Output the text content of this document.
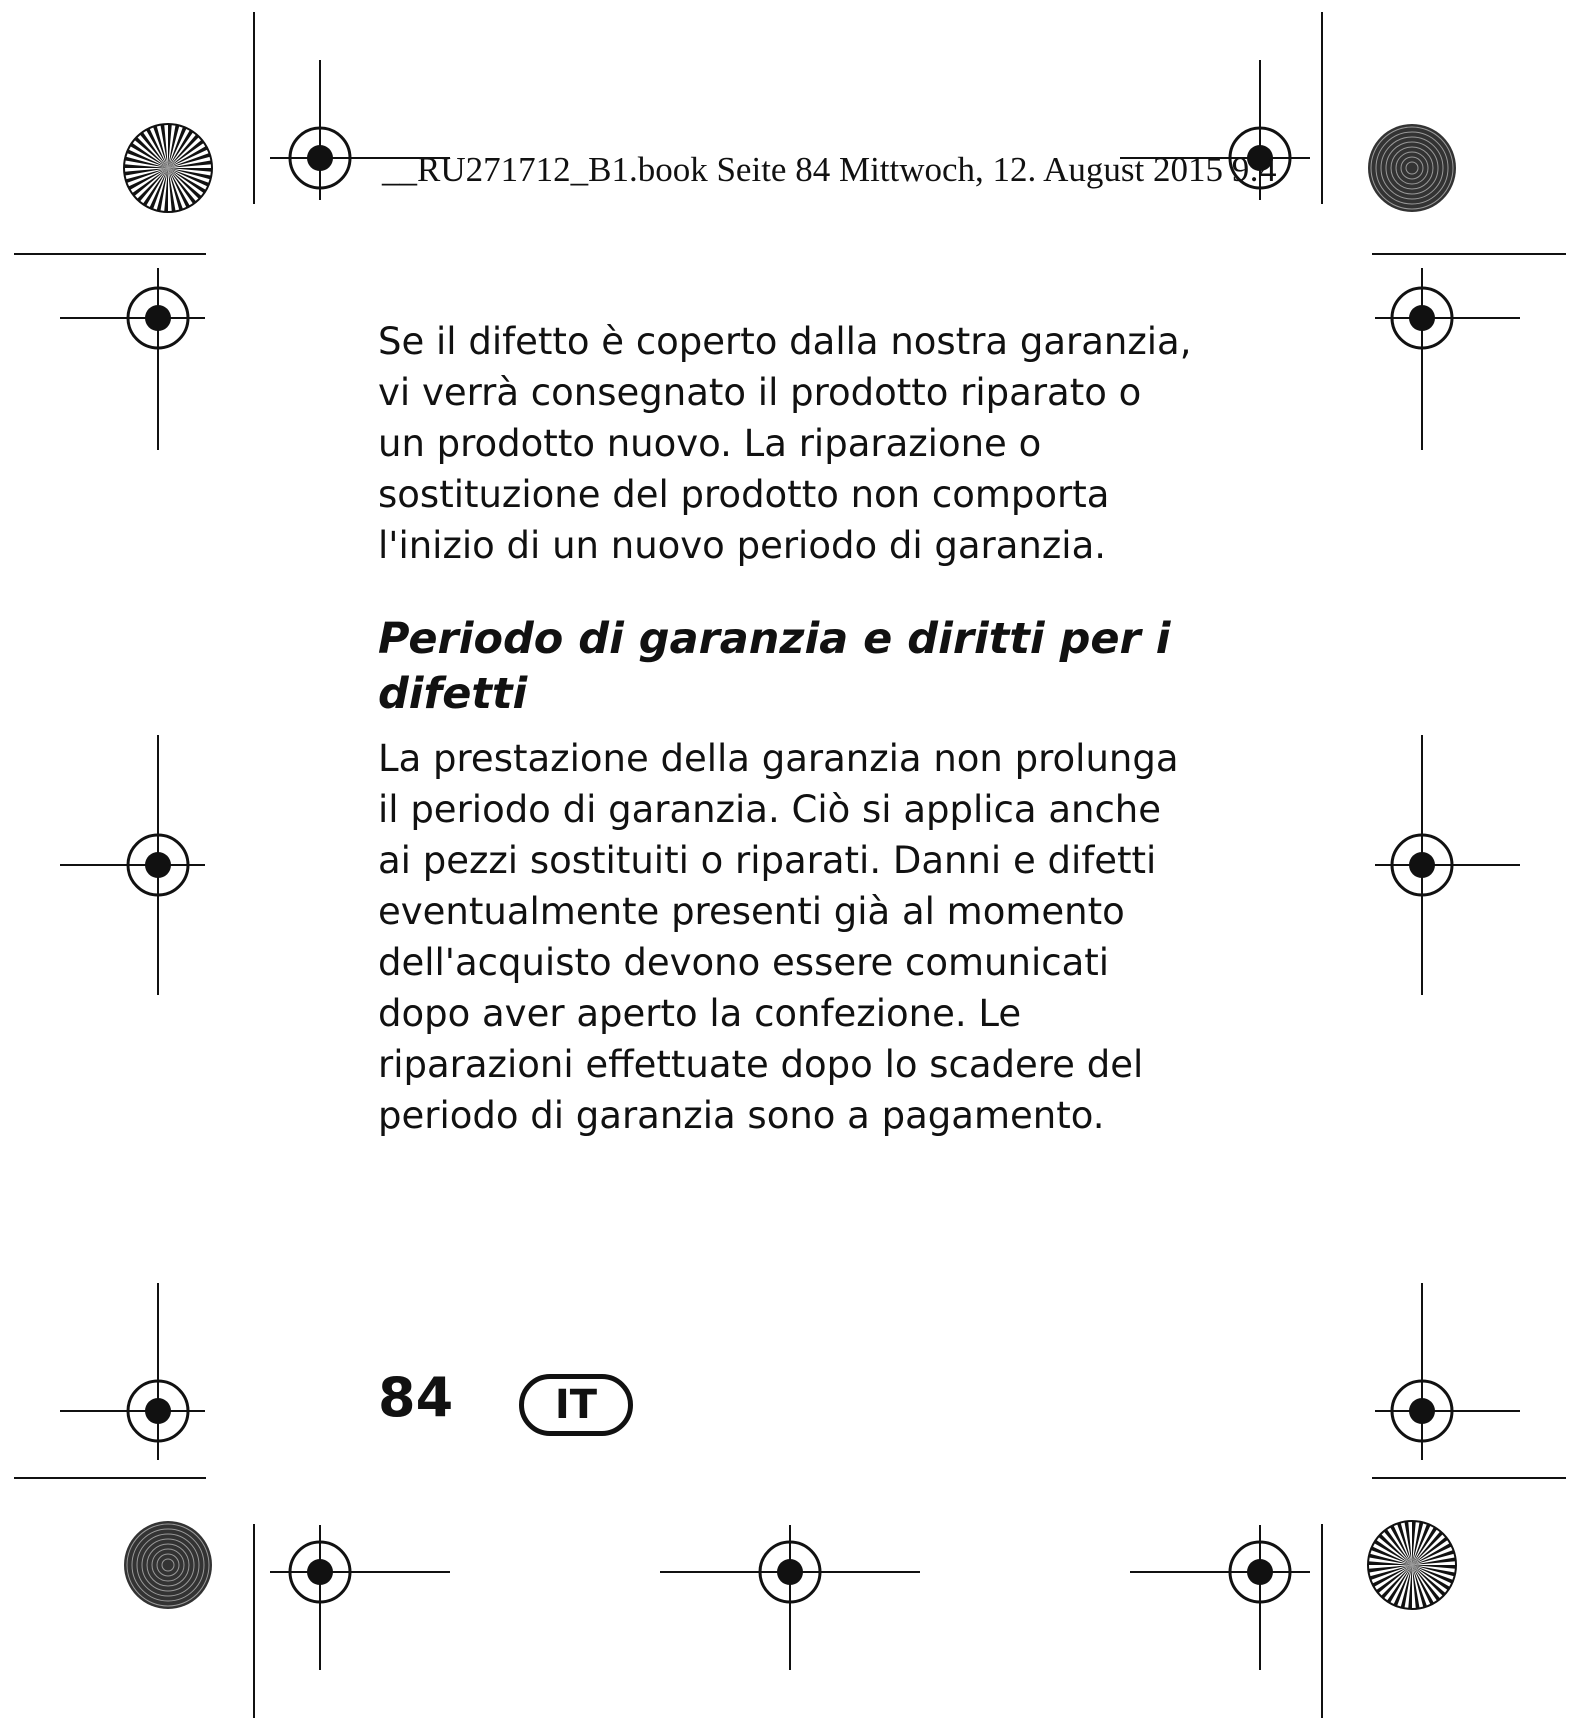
__RU271712_B1.book Seite 84 Mittwoch, 12. August 2015 9:4

Se il difetto è coperto dalla nostra garanzia, vi verrà consegnato il prodotto riparato o un prodotto nuovo. La riparazione o sostituzione del prodotto non comporta l'inizio di un nuovo periodo di garanzia.

Periodo di garanzia e diritti per i difetti

La prestazione della garanzia non prolunga il periodo di garanzia. Ciò si applica anche ai pezzi sostituiti o riparati. Danni e difetti eventualmente presenti già al momento dell'acquisto devono essere comunicati dopo aver aperto la confezione. Le riparazioni effettuate dopo lo scadere del periodo di garanzia sono a pagamento.

84	IT
